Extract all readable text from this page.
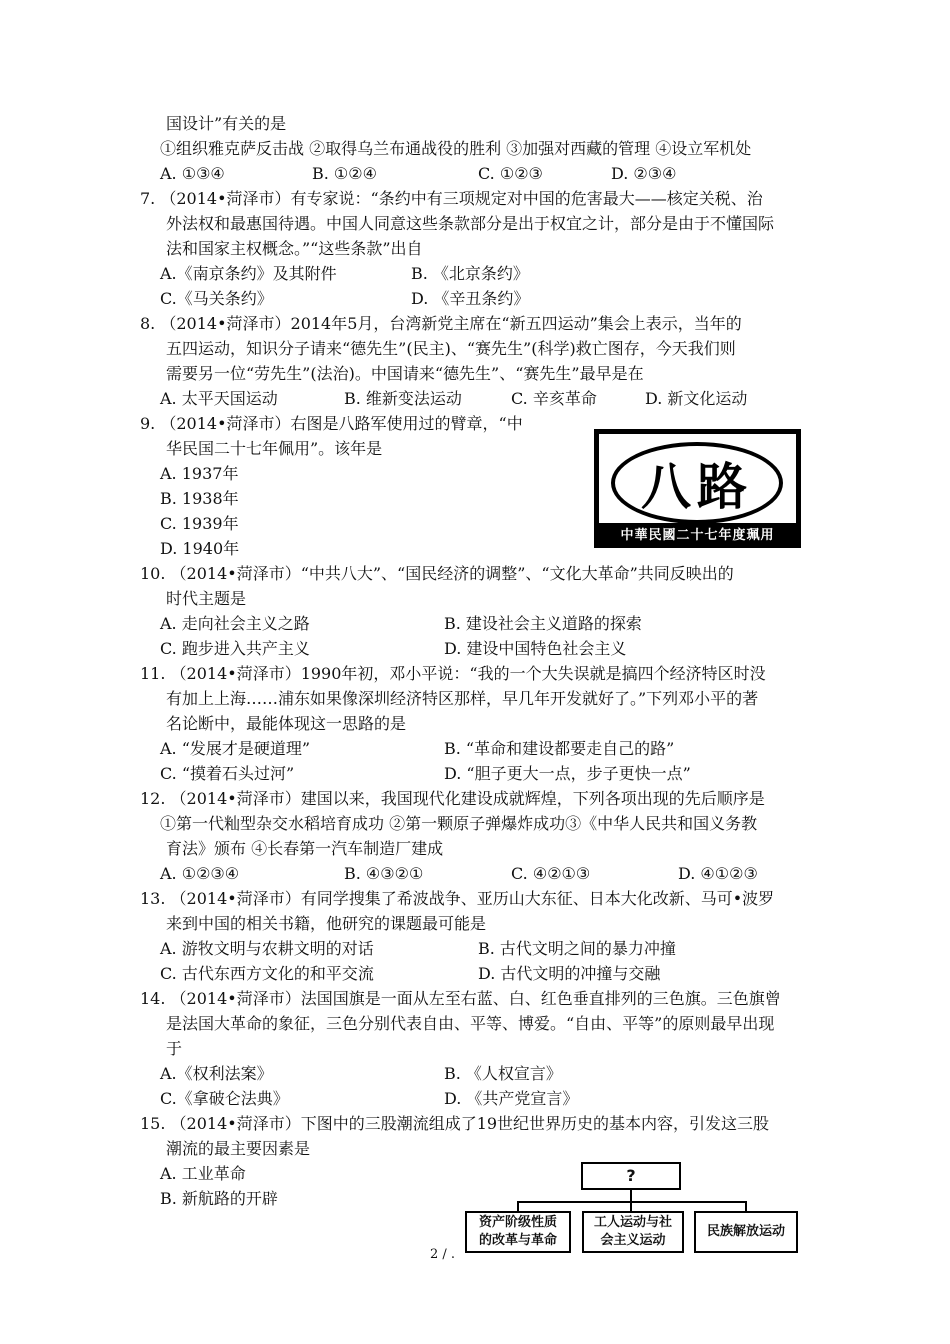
国设计”有关的是
①组织雅克萨反击战 ②取得乌兰布通战役的胜利 ③加强对西藏的管理 ④设立军机处
7. （2014•菏泽市）有专家说：“条约中有三项规定对中国的危害最大——核定关税、治
外法权和最惠国待遇。中国人同意这些条款部分是出于权宜之计，部分是由于不懂国际
法和国家主权概念。”“这些条款”出自
8. （2014•菏泽市）2014年5月，台湾新党主席在“新五四运动”集会上表示，当年的
五四运动，知识分子请来“德先生”(民主)、“赛先生”(科学)救亡图存，今天我们则
需要另一位“劳先生”(法治)。中国请来“德先生”、“赛先生”最早是在
9. （2014•菏泽市）右图是八路军使用过的臂章，“中
华民国二十七年佩用”。该年是
10. （2014•菏泽市）“中共八大”、“国民经济的调整”、“文化大革命”共同反映出的
时代主题是
11. （2014•菏泽市）1990年初，邓小平说：“我的一个大失误就是搞四个经济特区时没
有加上上海……浦东如果像深圳经济特区那样，早几年开发就好了。”下列邓小平的著
名论断中，最能体现这一思路的是
12. （2014•菏泽市）建国以来，我国现代化建设成就辉煌，下列各项出现的先后顺序是
①第一代籼型杂交水稻培育成功 ②第一颗原子弹爆炸成功③《中华人民共和国义务教
育法》颁布 ④长春第一汽车制造厂建成
13. （2014•菏泽市）有同学搜集了希波战争、亚历山大东征、日本大化改新、马可•波罗
来到中国的相关书籍，他研究的课题最可能是
14. （2014•菏泽市）法国国旗是一面从左至右蓝、白、红色垂直排列的三色旗。三色旗曾
是法国大革命的象征，三色分别代表自由、平等、博爱。“自由、平等”的原则最早出现
于
15. （2014•菏泽市）下图中的三股潮流组成了19世纪世界历史的基本内容，引发这三股
潮流的最主要因素是
A. ①③④	B. ①②④	C. ①②③	D. ②③④
A.《南京条约》及其附件	B. 《北京条约》
C.《马关条约》	D. 《辛丑条约》
A. 太平天国运动	B. 维新变法运动	C. 辛亥革命	D. 新文化运动
A. 1937年
B. 1938年
C. 1939年
D. 1940年
A. 走向社会主义之路	B. 建设社会主义道路的探索
C. 跑步进入共产主义	D. 建设中国特色社会主义
A. “发展才是硬道理”	B. “革命和建设都要走自己的路”
C. “摸着石头过河”	D. “胆子更大一点，步子更快一点”
A. ①②③④	B. ④③②①	C. ④②①③	D. ④①②③
A. 游牧文明与农耕文明的对话	B. 古代文明之间的暴力冲撞
C. 古代东西方文化的和平交流	D. 古代文明的冲撞与交融
A.《权利法案》	B. 《人权宣言》
C.《拿破仑法典》	D. 《共产党宣言》
A. 工业革命
B. 新航路的开辟
八路
中華民國二十七年度珮用
?
资产阶级性质的改革与革命
工人运动与社会主义运动
民族解放运动
2 / .
